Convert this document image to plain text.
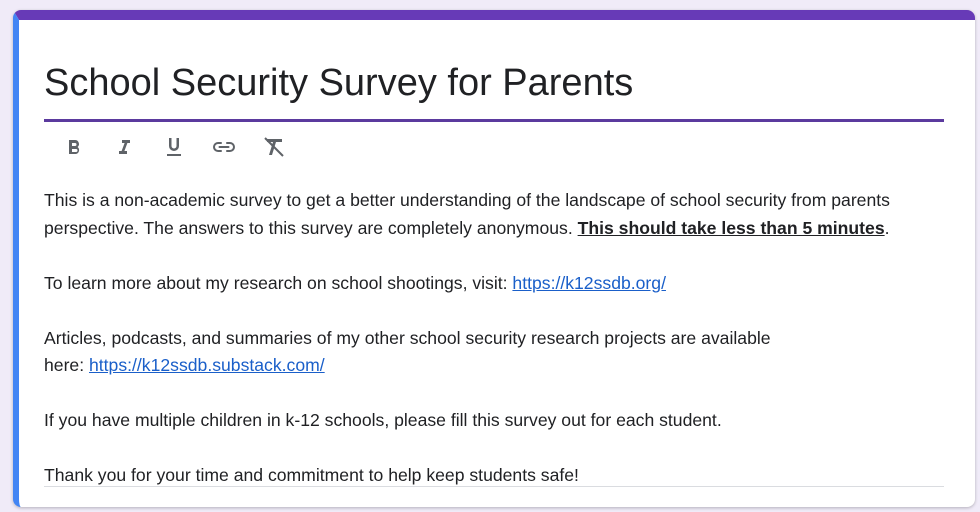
School Security Survey for Parents

This is a non-academic survey to get a better understanding of the landscape of school security from parents perspective. The answers to this survey are completely anonymous. This should take less than 5 minutes.

To learn more about my research on school shootings, visit: https://k12ssdb.org/

Articles, podcasts, and summaries of my other school security research projects are available here: https://k12ssdb.substack.com/

If you have multiple children in k-12 schools, please fill this survey out for each student.

Thank you for your time and commitment to help keep students safe!
